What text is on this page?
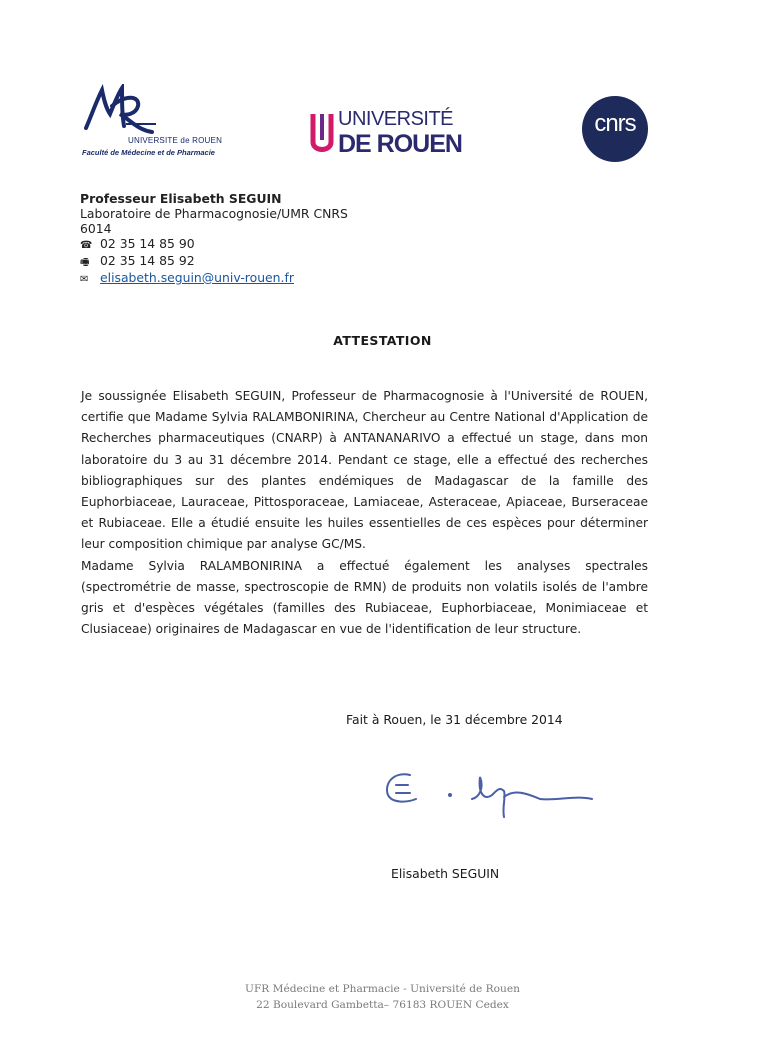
UNIVERSITE de ROUEN
Faculté de Médecine et de Pharmacie
UNIVERSITÉ
DE ROUEN
cnrs
Professeur Elisabeth SEGUIN
Laboratoire de Pharmacognosie/UMR CNRS
6014
☎ 02 35 14 85 90
🖷 02 35 14 85 92
✉ elisabeth.seguin@univ-rouen.fr
ATTESTATION

Je soussignée Elisabeth SEGUIN, Professeur de Pharmacognosie à l'Université de ROUEN, certifie que Madame Sylvia RALAMBONIRINA, Chercheur au Centre National d'Application de Recherches pharmaceutiques (CNARP) à ANTANANARIVO a effectué un stage, dans mon laboratoire du 3 au 31 décembre 2014. Pendant ce stage, elle a effectué des recherches bibliographiques sur des plantes endémiques de Madagascar de la famille des Euphorbiaceae, Lauraceae, Pittosporaceae, Lamiaceae, Asteraceae, Apiaceae, Burseraceae et Rubiaceae. Elle a étudié ensuite les huiles essentielles de ces espèces pour déterminer leur composition chimique par analyse GC/MS.

Madame Sylvia RALAMBONIRINA a effectué également les analyses spectrales (spectrométrie de masse, spectroscopie de RMN) de produits non volatils isolés de l'ambre gris et d'espèces végétales (familles des Rubiaceae, Euphorbiaceae, Monimiaceae et Clusiaceae) originaires de Madagascar en vue de l'identification de leur structure.

Fait à Rouen, le 31 décembre 2014
Elisabeth SEGUIN
UFR Médecine et Pharmacie - Université de Rouen
22 Boulevard Gambetta– 76183 ROUEN Cedex
